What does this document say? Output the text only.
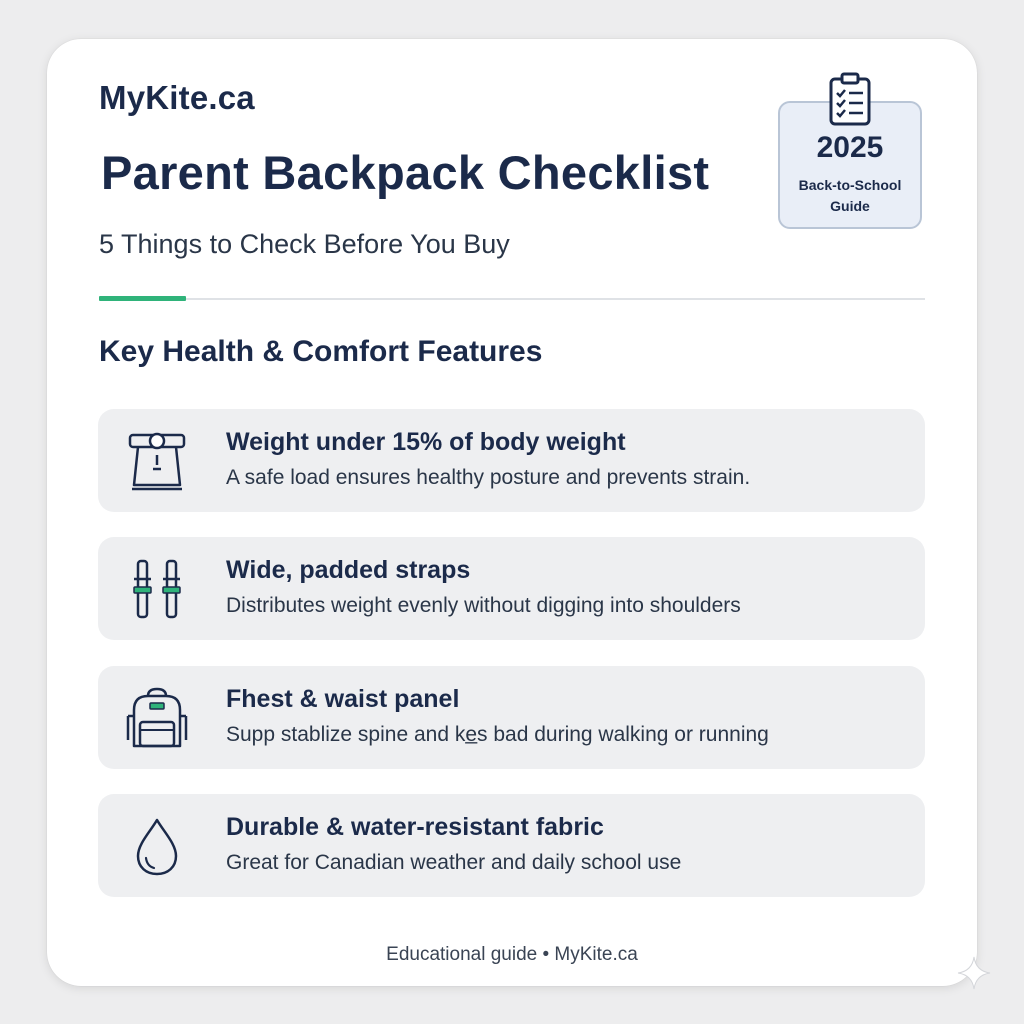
MyKite.ca
Parent Backpack Checklist
5 Things to Check Before You Buy
2025
Back-to-School Guide
Key Health & Comfort Features
Weight under 15% of body weight
A safe load ensures healthy posture and prevents strain.
Wide, padded straps
Distributes weight evenly without digging into shoulders
Fhest & waist panel
Supp stablize spine and ke̲s bad during walking or running
Durable & water-resistant fabric
Great for Canadian weather and daily school use
Educational guide • MyKite.ca
